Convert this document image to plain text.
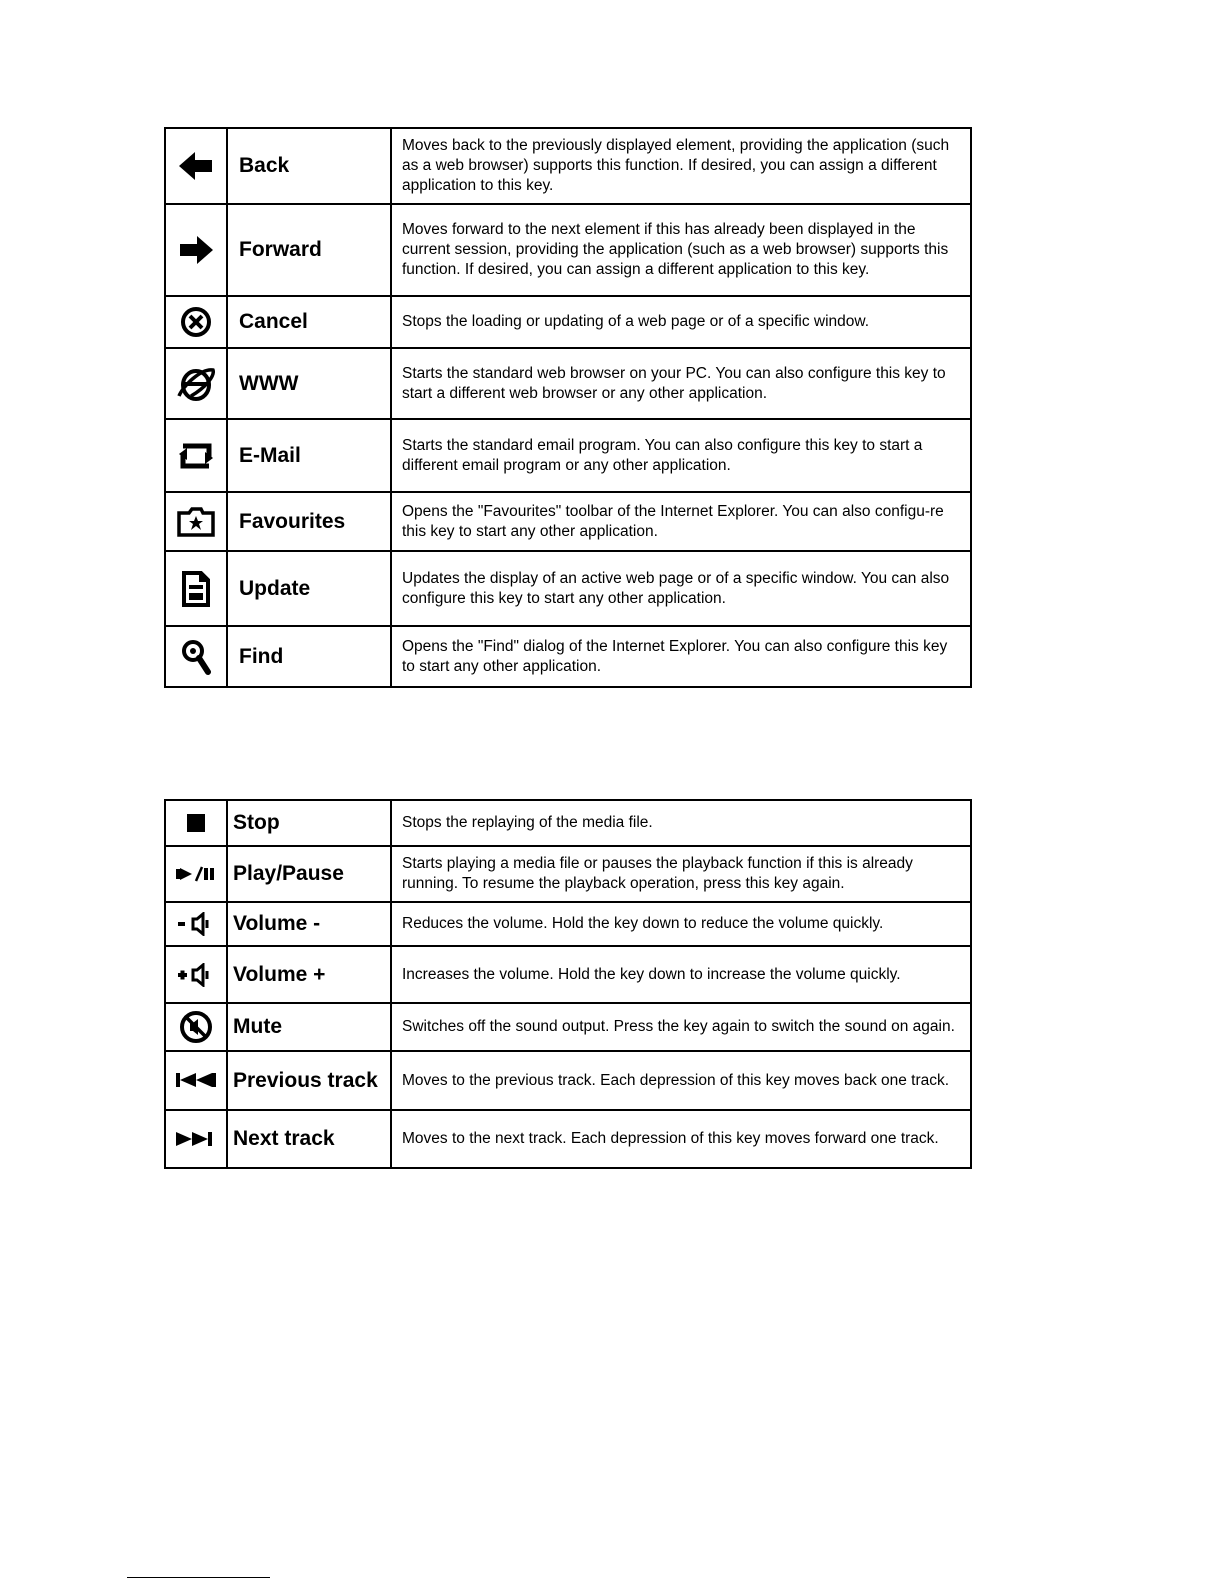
	Back	Moves back to the previously displayed element, providing the application (such as a web browser) supports this function. If desired, you can assign a different application to this key.

	Forward	Moves forward to the next element if this has already been displayed in the current session, providing the application (such as a web browser) supports this function. If desired, you can assign a different application to this key.

	Cancel	Stops the loading or updating of a web page or of a specific window.

	WWW	Starts the standard web browser on your PC. You can also configure this key to start a different web browser or any other application.

	E-Mail	Starts the standard email program. You can also configure this key to start a different email program or any other application.

	Favourites	Opens the "Favourites" toolbar of the Internet Explorer. You can also configu-re this key to start any other application.

	Update	Updates the display of an active web page or of a specific window. You can also configure this key to start any other application.

	Find	Opens the "Find" dialog of the Internet Explorer. You can also configure this key to start any other application.
	Stop	Stops the replaying of the media file.

	Play/Pause	Starts playing a media file or pauses the playback function if this is already running. To resume the playback operation, press this key again.

	Volume -	Reduces the volume. Hold the key down to reduce the volume quickly.

	Volume +	Increases the volume. Hold the key down to increase the volume quickly.

	Mute	Switches off the sound output. Press the key again to switch the sound on again.

	Previous track	Moves to the previous track. Each depression of this key moves back one track.

	Next track	Moves to the next track. Each depression of this key moves forward one track.
